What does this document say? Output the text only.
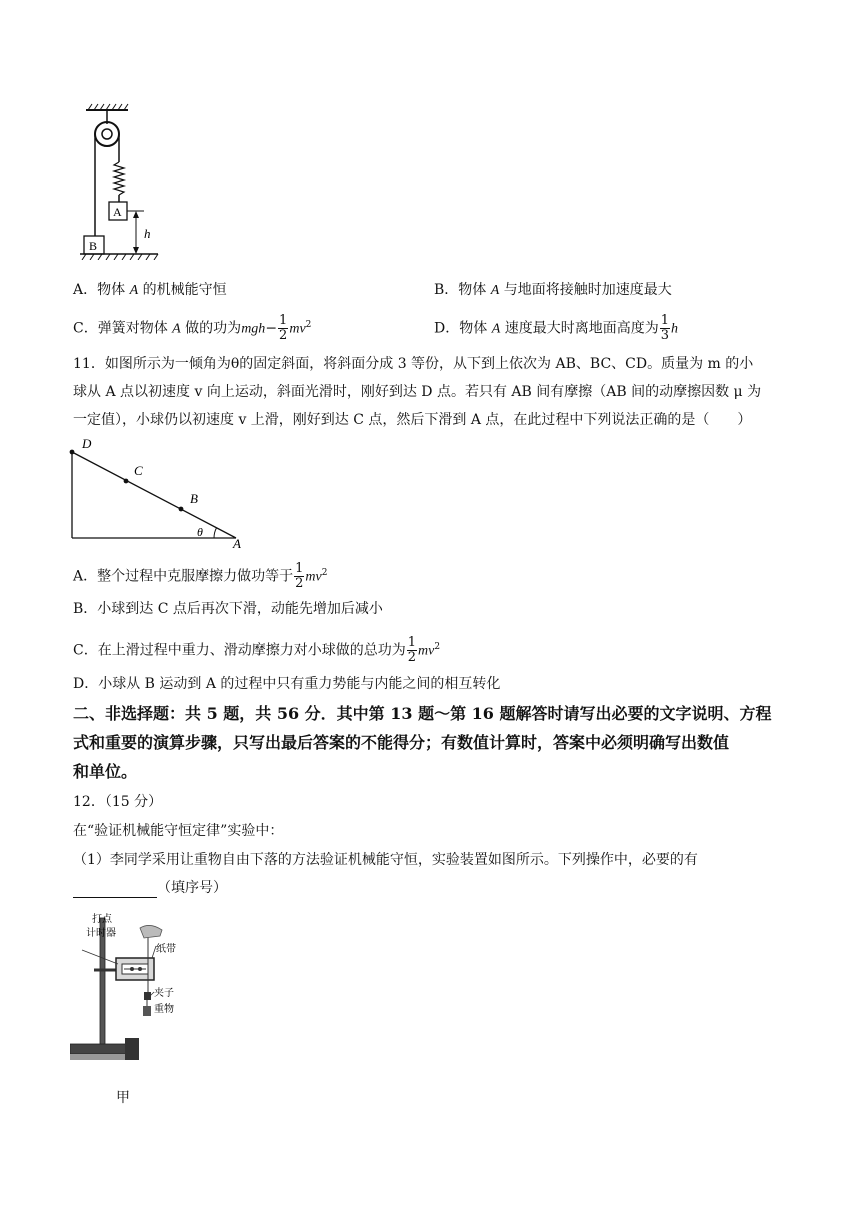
A
B
h
A．物体 A 的机械能守恒	B．物体 A 与地面将接触时加速度最大
C．弹簧对物体 A 做的功为$mgh- \frac{1}{2} mv^2$	D．物体 A 速度最大时离地面高度为 $\frac{1}{3}$ h
11．如图所示为一倾角为θ的固定斜面，将斜面分成 3 等份，从下到上依次为 AB、BC、CD。质量为 m 的小
球从 A 点以初速度 v 向上运动，斜面光滑时，刚好到达 D 点。若只有 AB 间有摩擦（AB 间的动摩擦因数 μ 为
一定值），小球仍以初速度 v 上滑，刚好到达 C 点，然后下滑到 A 点，在此过程中下列说法正确的是（　　）
D
C
B
A
θ
A．整个过程中克服摩擦力做功等于 $\frac{1}{2} mv^2$
B．小球到达 C 点后再次下滑，动能先增加后减小
C．在上滑过程中重力、滑动摩擦力对小球做的总功为 $\frac{1}{2} mv^2$
D．小球从 B 运动到 A 的过程中只有重力势能与内能之间的相互转化
二、非选择题：共 5 题，共 56 分．其中第 13 题～第 16 题解答时请写出必要的文字说明、方程
式和重要的演算步骤，只写出最后答案的不能得分；有数值计算时，答案中必须明确写出数值
和单位。
12．（15 分）
在“验证机械能守恒定律”实验中：
（1）李同学采用让重物自由下落的方法验证机械能守恒，实验装置如图所示。下列操作中，必要的有
（填序号）
打点
计时器
纸带
夹子
重物
甲
